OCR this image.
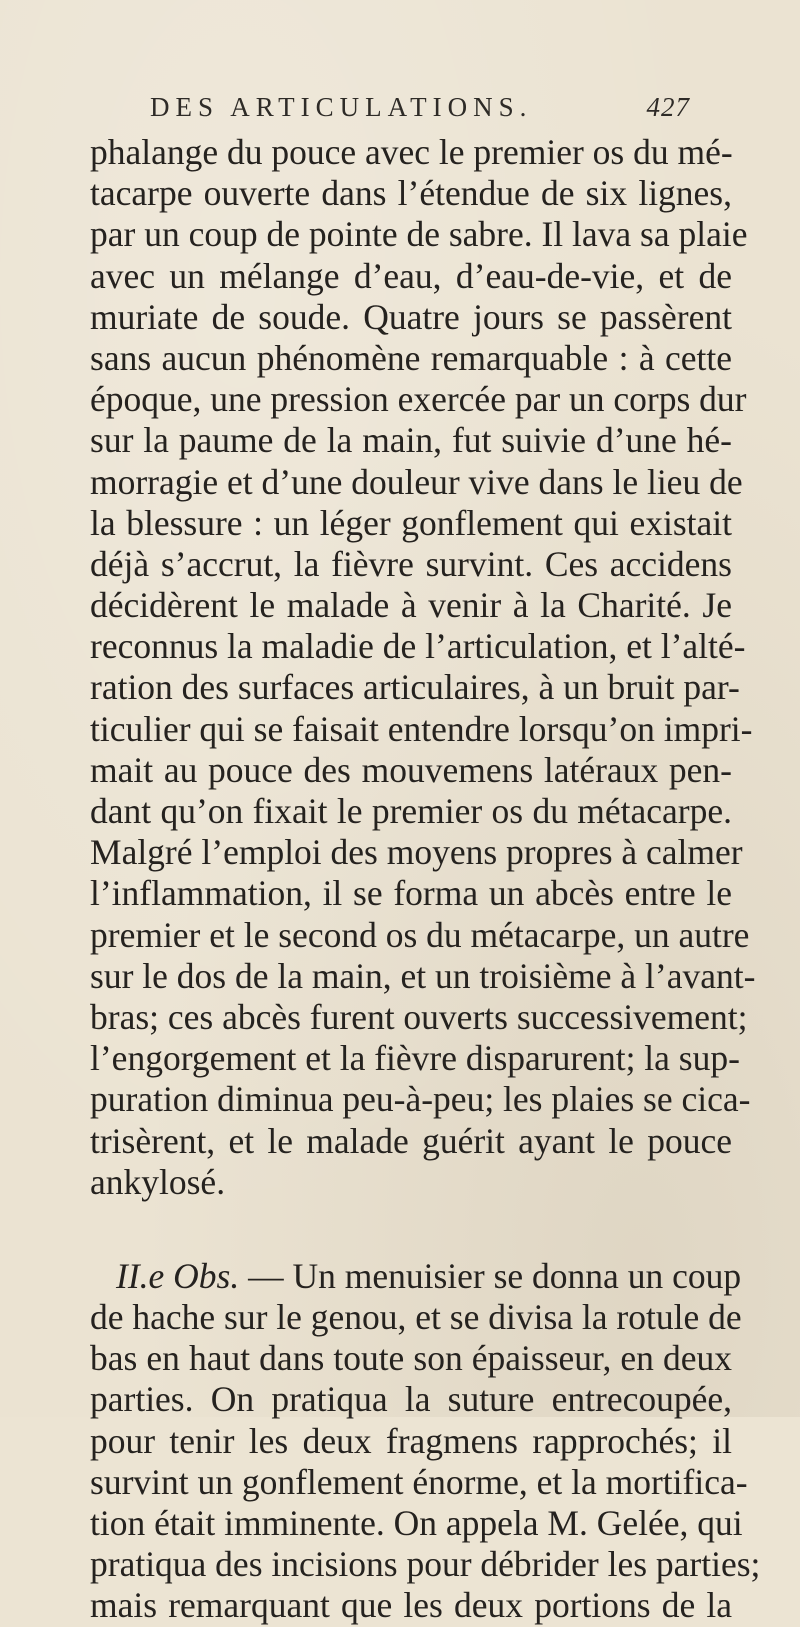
DES ARTICULATIONS.	427
phalange du pouce avec le premier os du mé-
tacarpe ouverte dans l’étendue de six lignes,
par un coup de pointe de sabre. Il lava sa plaie
avec un mélange d’eau, d’eau-de-vie, et de
muriate de soude. Quatre jours se passèrent
sans aucun phénomène remarquable : à cette
époque, une pression exercée par un corps dur
sur la paume de la main, fut suivie d’une hé-
morragie et d’une douleur vive dans le lieu de
la blessure : un léger gonflement qui existait
déjà s’accrut, la fièvre survint. Ces accidens
décidèrent le malade à venir à la Charité. Je
reconnus la maladie de l’articulation, et l’alté-
ration des surfaces articulaires, à un bruit par-
ticulier qui se faisait entendre lorsqu’on impri-
mait au pouce des mouvemens latéraux pen-
dant qu’on fixait le premier os du métacarpe.
Malgré l’emploi des moyens propres à calmer
l’inflammation, il se forma un abcès entre le
premier et le second os du métacarpe, un autre
sur le dos de la main, et un troisième à l’avant-
bras; ces abcès furent ouverts successivement;
l’engorgement et la fièvre disparurent; la sup-
puration diminua peu-à-peu; les plaies se cica-
trisèrent, et le malade guérit ayant le pouce
ankylosé.
II.e Obs. — Un menuisier se donna un coup
de hache sur le genou, et se divisa la rotule de
bas en haut dans toute son épaisseur, en deux
parties. On pratiqua la suture entrecoupée,
pour tenir les deux fragmens rapprochés; il
survint un gonflement énorme, et la mortifica-
tion était imminente. On appela M. Gelée, qui
pratiqua des incisions pour débrider les parties;
mais remarquant que les deux portions de la
